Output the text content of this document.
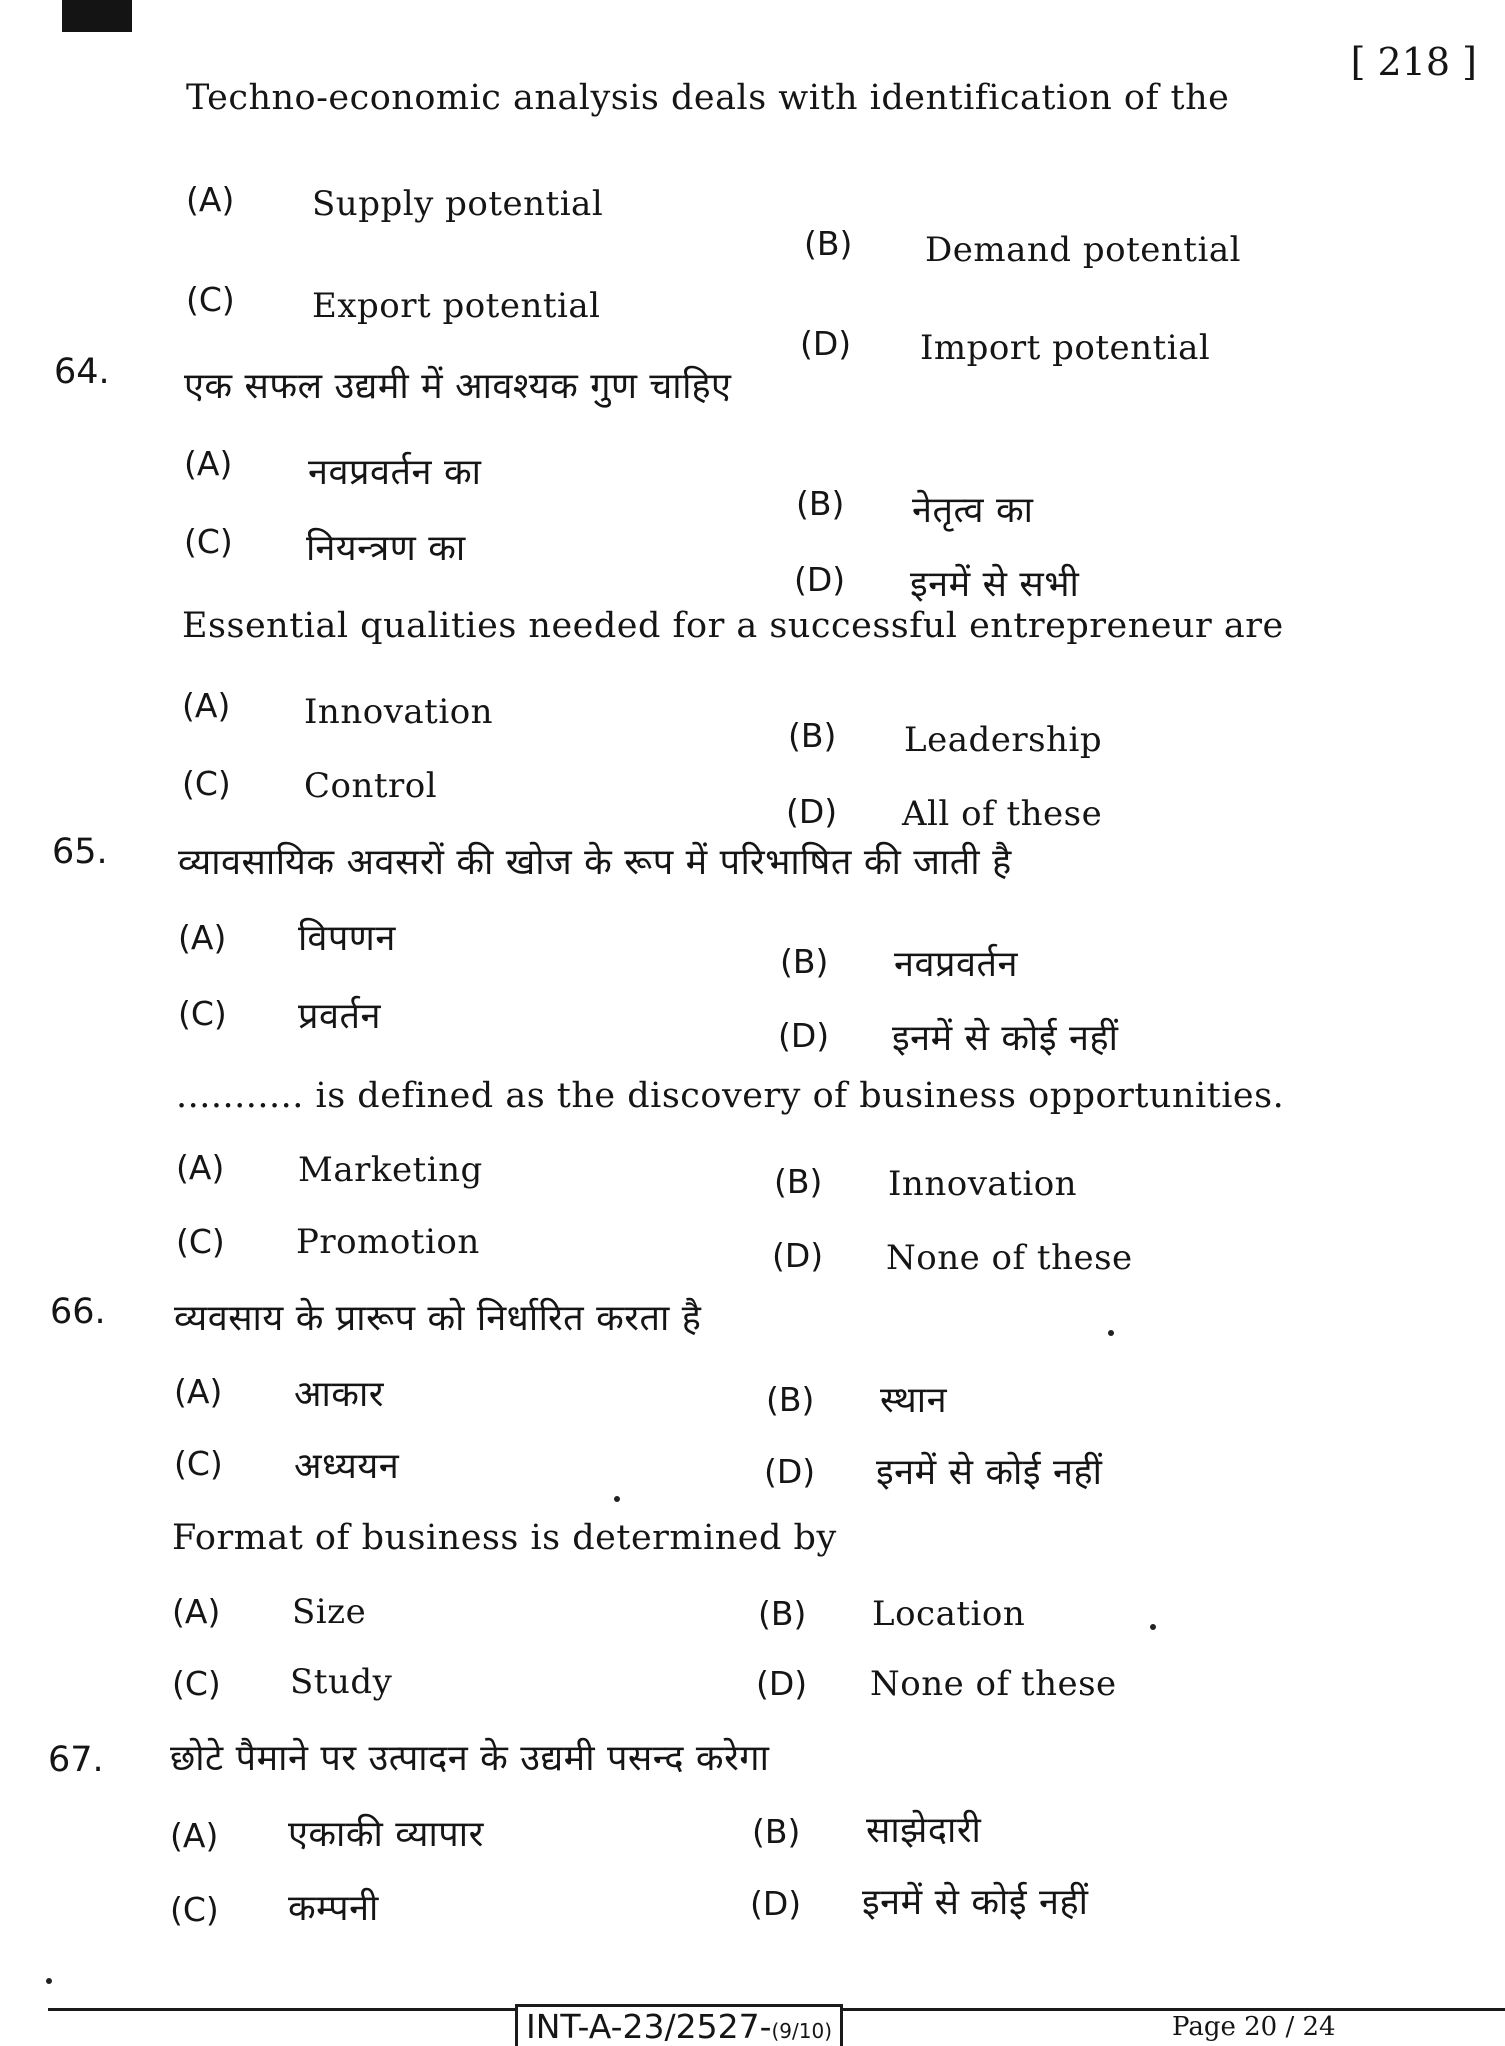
[ 218 ]
Techno-economic analysis deals with identification of the
(A) Supply potential
(B) Demand potential
(C) Export potential
(D) Import potential
64. एक सफल उद्यमी में आवश्यक गुण चाहिए
(A) नवप्रवर्तन का
(B) नेतृत्व का
(C) नियन्त्रण का
(D) इनमें से सभी
Essential qualities needed for a successful entrepreneur are
(A) Innovation
(B) Leadership
(C) Control
(D) All of these
65. व्यावसायिक अवसरों की खोज के रूप में परिभाषित की जाती है
(A) विपणन
(B) नवप्रवर्तन
(C) प्रवर्तन	(D) इनमें से कोई नहीं
........... is defined as the discovery of business opportunities.
(A) Marketing	(B) Innovation
(C) Promotion	(D) None of these
66. व्यवसाय के प्रारूप को निर्धारित करता है
(A) आकार	(B) स्थान
(C) अध्ययन	(D) इनमें से कोई नहीं
Format of business is determined by
(A) Size	(B) Location
(C) Study	(D) None of these
67. छोटे पैमाने पर उत्पादन के उद्यमी पसन्द करेगा
(A) एकाकी व्यापार	(B) साझेदारी
(C) कम्पनी	(D) इनमें से कोई नहीं
INT-A-23/2527-(9/10)	Page 20 / 24
